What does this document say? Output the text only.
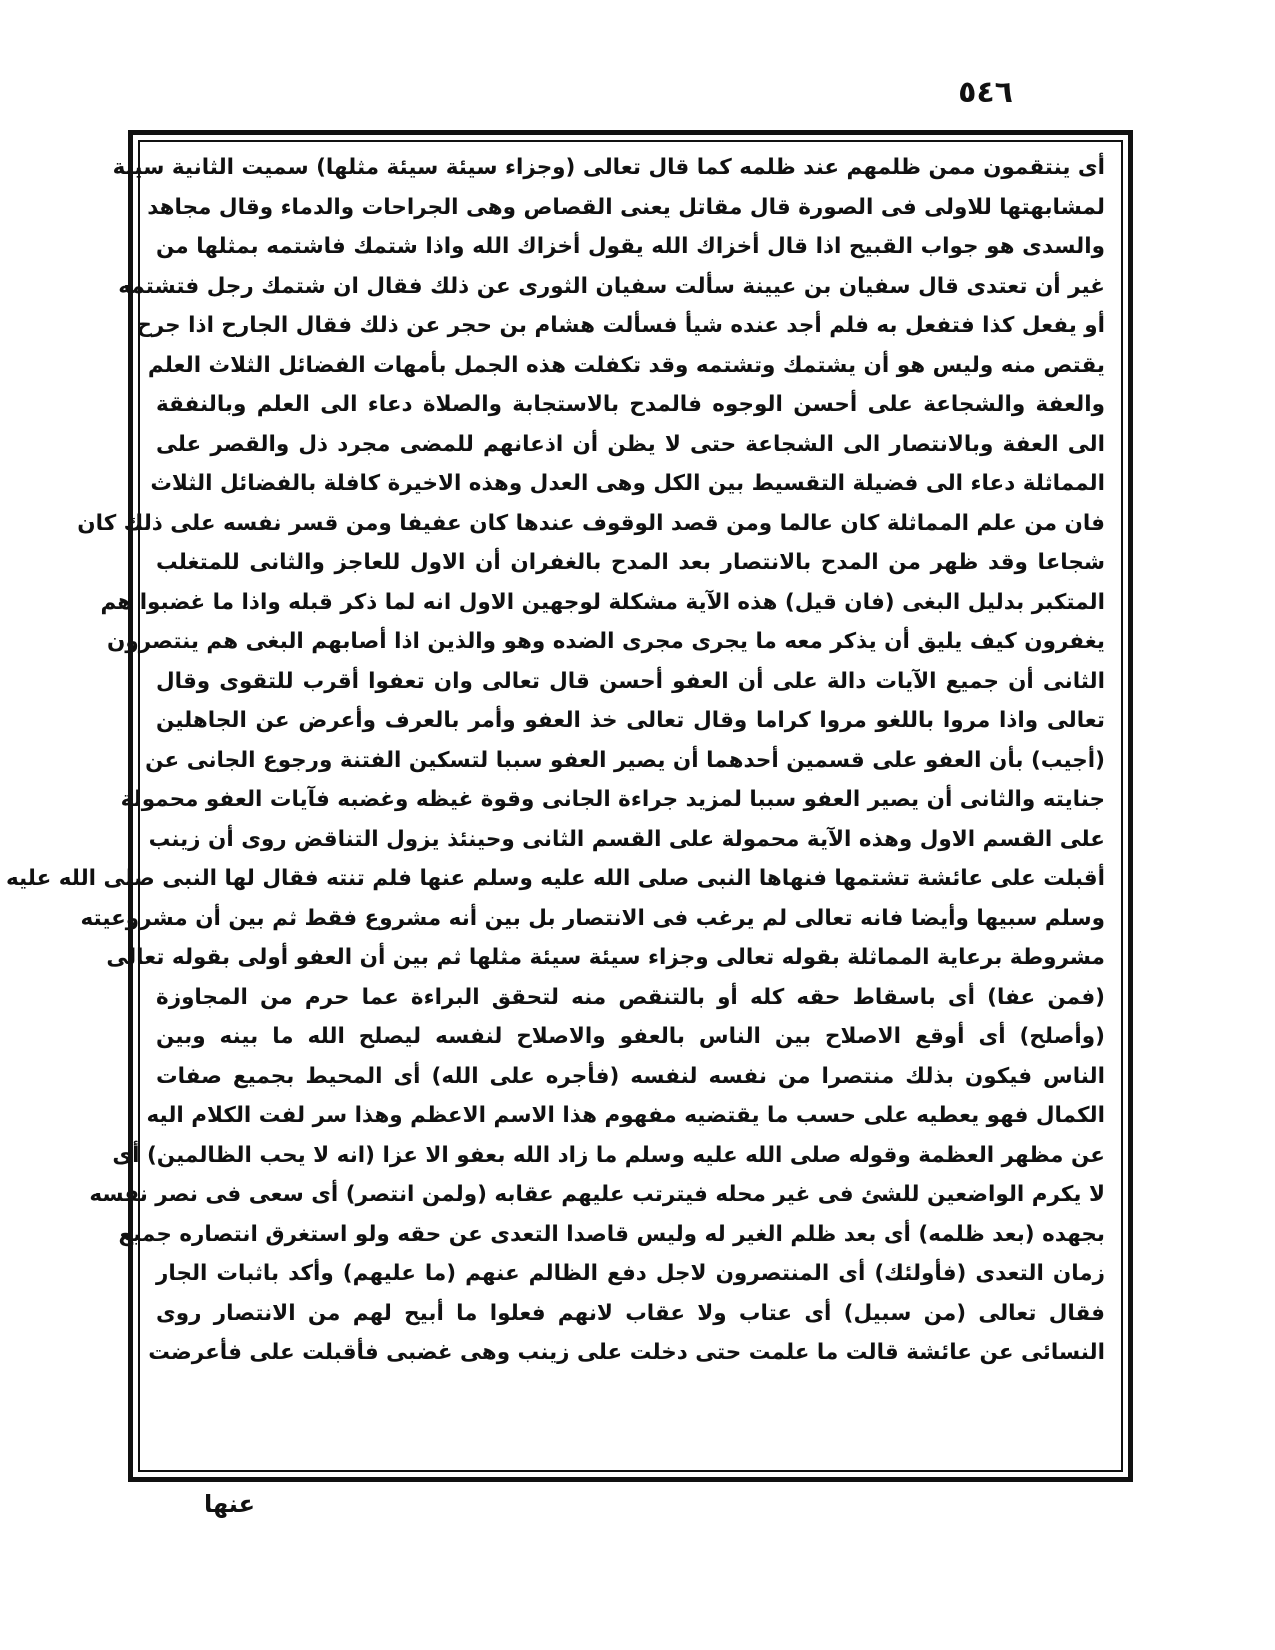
٥٤٦
أى ينتقمون ممن ظلمهم عند ظلمه كما قال تعالى (وجزاء سيئة سيئة مثلها) سميت الثانية سيئة
لمشابهتها للاولى فى الصورة قال مقاتل يعنى القصاص وهى الجراحات والدماء وقال مجاهد
والسدى هو جواب القبيح اذا قال أخزاك الله يقول أخزاك الله واذا شتمك فاشتمه بمثلها من
غير أن تعتدى قال سفيان بن عيينة سألت سفيان الثورى عن ذلك فقال ان شتمك رجل فتشتمه
أو يفعل كذا فتفعل به فلم أجد عنده شيأ فسألت هشام بن حجر عن ذلك فقال الجارح اذا جرح
يقتص منه وليس هو أن يشتمك وتشتمه وقد تكفلت هذه الجمل بأمهات الفضائل الثلاث العلم
والعفة والشجاعة على أحسن الوجوه فالمدح بالاستجابة والصلاة دعاء الى العلم وبالنفقة
الى العفة وبالانتصار الى الشجاعة حتى لا يظن أن اذعانهم للمضى مجرد ذل والقصر على
المماثلة دعاء الى فضيلة التقسيط بين الكل وهى العدل وهذه الاخيرة كافلة بالفضائل الثلاث
فان من علم المماثلة كان عالما ومن قصد الوقوف عندها كان عفيفا ومن قسر نفسه على ذلك كان
شجاعا وقد ظهر من المدح بالانتصار بعد المدح بالغفران أن الاول للعاجز والثانى للمتغلب
المتكبر بدليل البغى (فان قيل) هذه الآية مشكلة لوجهين الاول انه لما ذكر قبله واذا ما غضبوا هم
يغفرون كيف يليق أن يذكر معه ما يجرى مجرى الضده وهو والذين اذا أصابهم البغى هم ينتصرون
الثانى أن جميع الآيات دالة على أن العفو أحسن قال تعالى وان تعفوا أقرب للتقوى وقال
تعالى واذا مروا باللغو مروا كراما وقال تعالى خذ العفو وأمر بالعرف وأعرض عن الجاهلين
(أجيب) بأن العفو على قسمين أحدهما أن يصير العفو سببا لتسكين الفتنة ورجوع الجانى عن
جنايته والثانى أن يصير العفو سببا لمزيد جراءة الجانى وقوة غيظه وغضبه فآيات العفو محمولة
على القسم الاول وهذه الآية محمولة على القسم الثانى وحينئذ يزول التناقض روى أن زينب
أقبلت على عائشة تشتمها فنهاها النبى صلى الله عليه وسلم عنها فلم تنته فقال لها النبى صلى الله عليه
وسلم سبيها وأيضا فانه تعالى لم يرغب فى الانتصار بل بين أنه مشروع فقط ثم بين أن مشروعيته
مشروطة برعاية المماثلة بقوله تعالى وجزاء سيئة سيئة مثلها ثم بين أن العفو أولى بقوله تعالى
(فمن عفا) أى باسقاط حقه كله أو بالتنقص منه لتحقق البراءة عما حرم من المجاوزة
(وأصلح) أى أوقع الاصلاح بين الناس بالعفو والاصلاح لنفسه ليصلح الله ما بينه وبين
الناس فيكون بذلك منتصرا من نفسه لنفسه (فأجره على الله) أى المحيط بجميع صفات
الكمال فهو يعطيه على حسب ما يقتضيه مفهوم هذا الاسم الاعظم وهذا سر لفت الكلام اليه
عن مظهر العظمة وقوله صلى الله عليه وسلم ما زاد الله بعفو الا عزا (انه لا يحب الظالمين) أى
لا يكرم الواضعين للشئ فى غير محله فيترتب عليهم عقابه (ولمن انتصر) أى سعى فى نصر نفسه
بجهده (بعد ظلمه) أى بعد ظلم الغير له وليس قاصدا التعدى عن حقه ولو استغرق انتصاره جميع
زمان التعدى (فأولئك) أى المنتصرون لاجل دفع الظالم عنهم (ما عليهم) وأكد باثبات الجار
فقال تعالى (من سبيل) أى عتاب ولا عقاب لانهم فعلوا ما أبيح لهم من الانتصار روى
النسائى عن عائشة قالت ما علمت حتى دخلت على زينب وهى غضبى فأقبلت على فأعرضت
عنها
